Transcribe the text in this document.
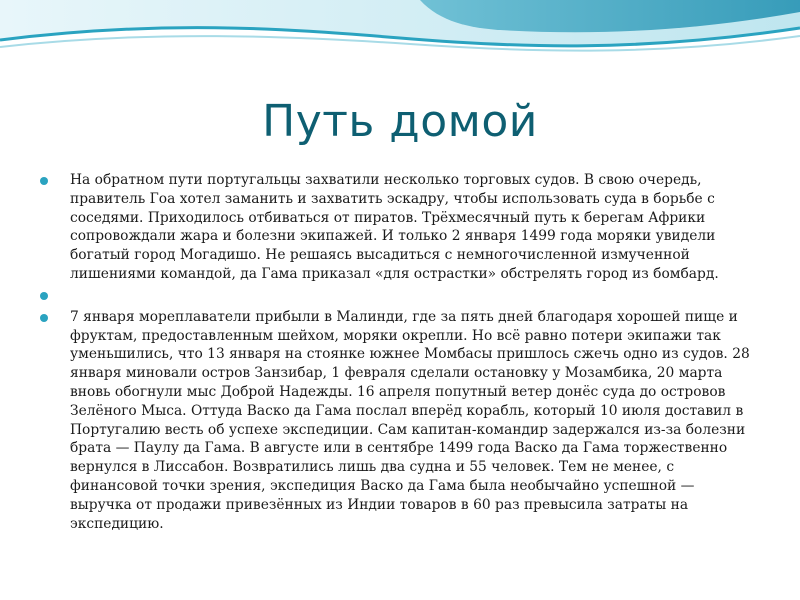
Путь домой
На обратном пути португальцы захватили несколько торговых судов. В свою очередь, правитель Гоа хотел заманить и захватить эскадру, чтобы использовать суда в борьбе с соседями. Приходилось отбиваться от пиратов. Трёхмесячный путь к берегам Африки сопровождали жара и болезни экипажей. И только 2 января 1499 года моряки увидели богатый город Могадишо. Не решаясь высадиться с немногочисленной измученной лишениями командой, да Гама приказал «для острастки» обстрелять город из бомбард.
7 января мореплаватели прибыли в Малинди, где за пять дней благодаря хорошей пище и фруктам, предоставленным шейхом, моряки окрепли. Но всё равно потери экипажи так уменьшились, что 13 января на стоянке южнее Момбасы пришлось сжечь одно из судов. 28 января миновали остров Занзибар, 1 февраля сделали остановку у Мозамбика, 20 марта вновь обогнули мыс Доброй Надежды. 16 апреля попутный ветер донёс суда до островов Зелёного Мыса. Оттуда Васко да Гама послал вперёд корабль, который 10 июля доставил в Португалию весть об успехе экспедиции. Сам капитан-командир задержался из-за болезни брата — Паулу да Гама. В августе или в сентябре 1499 года Васко да Гама торжественно вернулся в Лиссабон. Возвратились лишь два судна и 55 человек. Тем не менее, с финансовой точки зрения, экспедиция Васко да Гама была необычайно успешной — выручка от продажи привезённых из Индии товаров в 60 раз превысила затраты на экспедицию.
